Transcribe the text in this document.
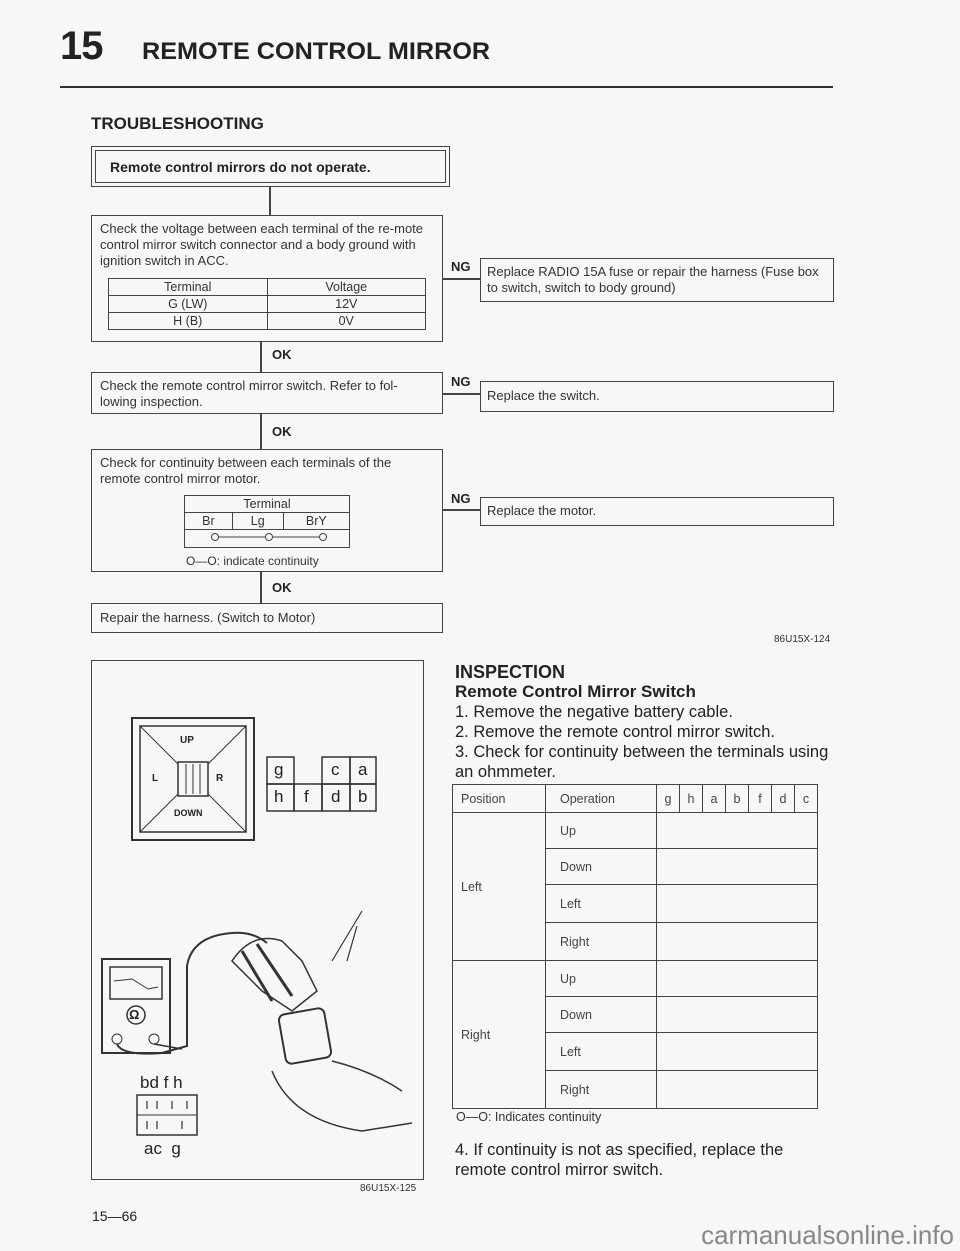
15 REMOTE CONTROL MIRROR
TROUBLESHOOTING
Remote control mirrors do not operate.
Check the voltage between each terminal of the re-mote control mirror switch connector and a body ground with ignition switch in ACC.
Terminal	Voltage
G (LW)	12V
H (B)	0V
NG	Replace RADIO 15A fuse or repair the harness (Fuse box to switch, switch to body ground)
OK
Check the remote control mirror switch. Refer to fol-lowing inspection.
NG
Replace the switch.
OK
Check for continuity between each terminals of the remote control mirror motor.
Terminal
Br	Lg	BrY

O—O: indicate continuity
NG
Replace the motor.
OK
Repair the harness. (Switch to Motor)
86U15X-124
UP
DOWN
L	R	g	c a
h f d b
Ω
bd f h
ac  g
86U15X-125
INSPECTION
Remote Control Mirror Switch
1. Remove the negative battery cable.
2. Remove the remote control mirror switch.
3. Check for continuity between the terminals using an ohmmeter.
Position	Operation	g	h	a	b	f	d	c
Left	Up							
	Down							
	Left							
	Right							
Right	Up							
	Down							
	Left							
	Right							
O—O: Indicates continuity
4. If continuity is not as specified, replace the remote control mirror switch.
15—66
carmanualsonline.info
